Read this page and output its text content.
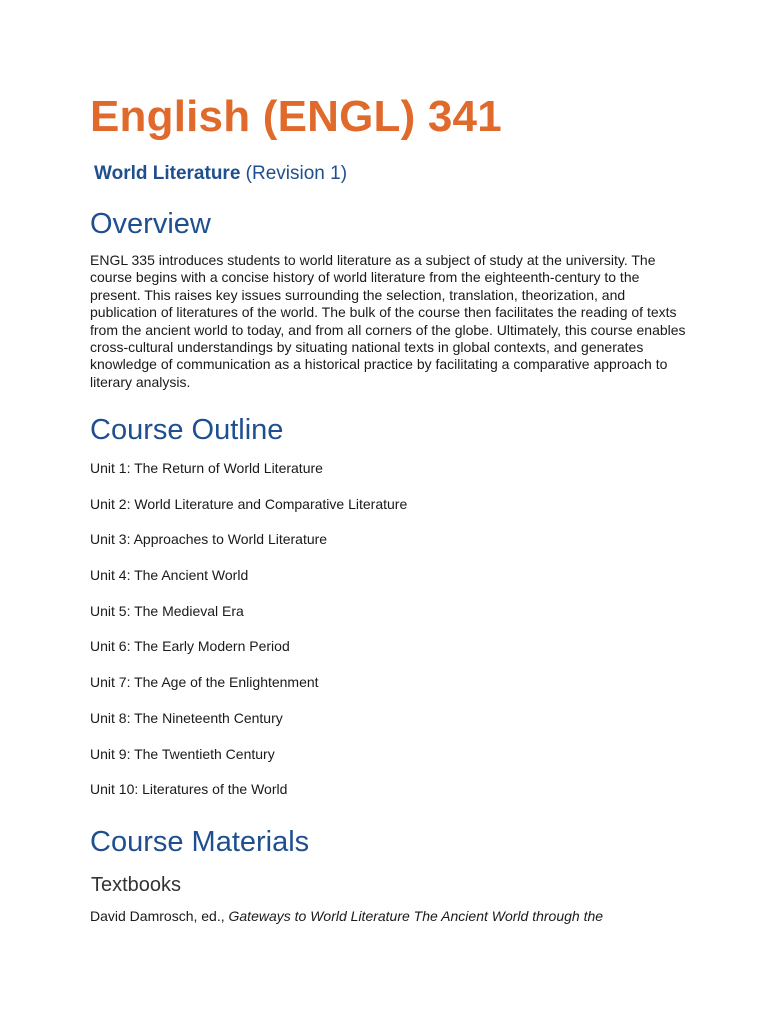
English (ENGL) 341
World Literature (Revision 1)
Overview

ENGL 335 introduces students to world literature as a subject of study at the university. The course begins with a concise history of world literature from the eighteenth-century to the present. This raises key issues surrounding the selection, translation, theorization, and publication of literatures of the world. The bulk of the course then facilitates the reading of texts from the ancient world to today, and from all corners of the globe. Ultimately, this course enables cross-cultural understandings by situating national texts in global contexts, and generates knowledge of communication as a historical practice by facilitating a comparative approach to literary analysis.

Course Outline
Unit 1: The Return of World Literature
Unit 2: World Literature and Comparative Literature
Unit 3: Approaches to World Literature
Unit 4: The Ancient World
Unit 5: The Medieval Era
Unit 6: The Early Modern Period
Unit 7: The Age of the Enlightenment
Unit 8: The Nineteenth Century
Unit 9: The Twentieth Century
Unit 10: Literatures of the World
Course Materials
Textbooks
David Damrosch, ed., Gateways to World Literature The Ancient World through the
